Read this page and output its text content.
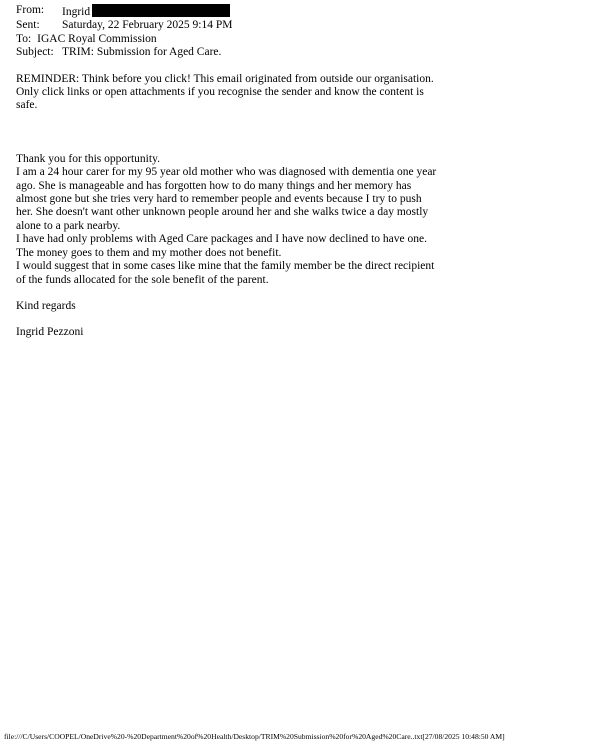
From:	Ingrid
Sent:	Saturday, 22 February 2025 9:14 PM
To: IGAC Royal Commission
Subject: TRIM: Submission for Aged Care.
REMINDER: Think before you click! This email originated from outside our organisation.
Only click links or open attachments if you recognise the sender and know the content is
safe.
Thank you for this opportunity.
I am a 24 hour carer for my 95 year old mother who was diagnosed with dementia one year
ago. She is manageable and has forgotten how to do many things and her memory has
almost gone but she tries very hard to remember people and events because I try to push
her. She doesn't want other unknown people around her and she walks twice a day mostly
alone to a park nearby.
I have had only problems with Aged Care packages and I have now declined to have one.
The money goes to them and my mother does not benefit.
I would suggest that in some cases like mine that the family member be the direct recipient
of the funds allocated for the sole benefit of the parent.
Kind regards
Ingrid Pezzoni
file:///C/Users/COOPEL/OneDrive%20-%20Department%20of%20Health/Desktop/TRIM%20Submission%20for%20Aged%20Care..txt[27/08/2025 10:48:50 AM]
